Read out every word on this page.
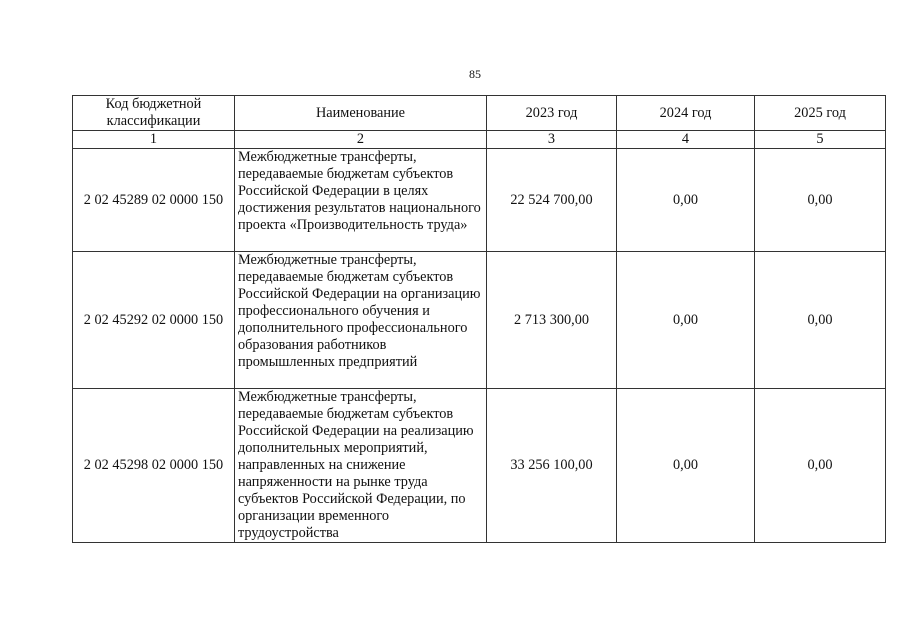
85
Код бюджетной классификации	Наименование	2023 год	2024 год	2025 год
1	2	3	4	5
2 02 45289 02 0000 150	Межбюджетные трансферты, передаваемые бюджетам субъектов Российской Федерации в целях достижения результатов национального проекта «Производительность труда»	22 524 700,00	0,00	0,00
2 02 45292 02 0000 150	Межбюджетные трансферты, передаваемые бюджетам субъектов Российской Федерации на организацию профессионального обучения и дополнительного профессионального образования работников промышленных предприятий	2 713 300,00	0,00	0,00
2 02 45298 02 0000 150	Межбюджетные трансферты, передаваемые бюджетам субъектов Российской Федерации на реализацию дополнительных мероприятий, направленных на снижение напряженности на рынке труда субъектов Российской Федерации, по организации временного трудоустройства	33 256 100,00	0,00	0,00
